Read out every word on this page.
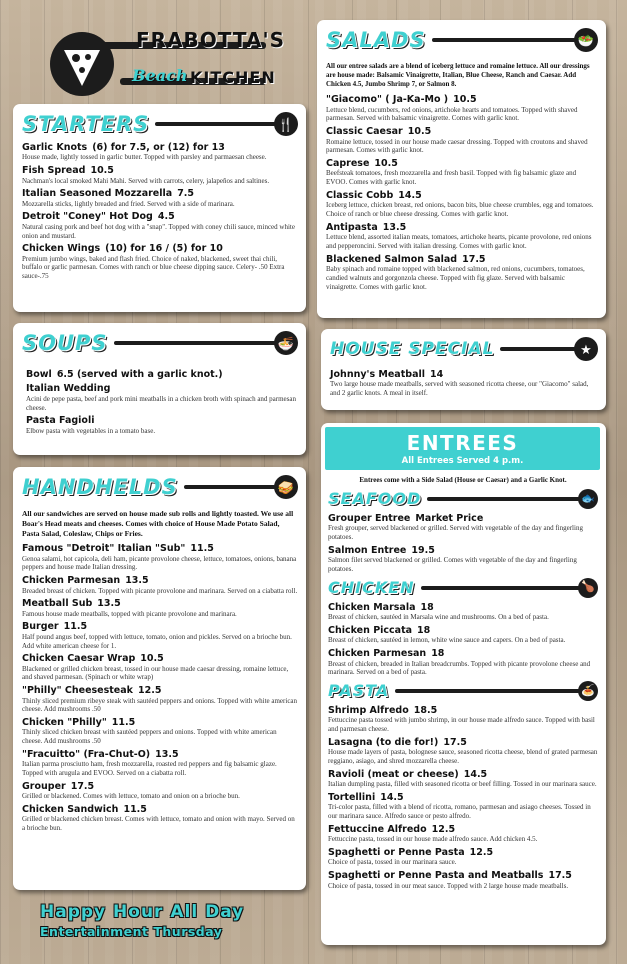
FRABOTTA'S
Beach KITCHEN
STARTERS	🍴
Garlic Knots (6) for 7.5, or (12) for 13
House made, lightly tossed in garlic butter. Topped with parsley and parmaesan cheese.
Fish Spread 10.5
Nachman's local smoked Mahi Mahi. Served with carrots, celery, jalapeños and saltines.
Italian Seasoned Mozzarella 7.5
Mozzarella sticks, lightly breaded and fried. Served with a side of marinara.
Detroit "Coney" Hot Dog 4.5
Natural casing pork and beef hot dog with a "snap". Topped with coney chili sauce, minced white onion and mustard.
Chicken Wings (10) for 16 / (5) for 10
Premium jumbo wings, baked and flash fried. Choice of naked, blackened, sweet thai chili, buffalo or garlic parmesan. Comes with ranch or blue cheese dipping sauce. Celery- .50 Extra sauce-.75
SOUPS	🍜
Bowl 6.5 (served with a garlic knot.)
Italian Wedding
Acini de pepe pasta, beef and pork mini meatballs in a chicken broth with spinach and parmesan cheese.
Pasta Fagioli
Elbow pasta with vegetables in a tomato base.
HANDHELDS	🥪
All our sandwiches are served on house made sub rolls and lightly toasted. We use all Boar's Head meats and cheeses. Comes with choice of House Made Potato Salad, Pasta Salad, Coleslaw, Chips or Fries.
Famous "Detroit" Italian "Sub" 11.5
Genoa salami, hot capicola, deli ham, picante provolone cheese, lettuce, tomatoes, onions, banana peppers and house made Italian dressing.
Chicken Parmesan 13.5
Breaded breast of chicken. Topped with picante provolone and marinara. Served on a ciabatta roll.
Meatball Sub 13.5
Famous house made meatballs, topped with picante provolone and marinara.
Burger 11.5
Half pound angus beef, topped with lettuce, tomato, onion and pickles. Served on a brioche bun. Add white american cheese for 1.
Chicken Caesar Wrap 10.5
Blackened or grilled chicken breast, tossed in our house made caesar dressing, romaine lettuce, and shaved parmesan. (Spinach or white wrap)
"Philly" Cheesesteak 12.5
Thinly sliced premium ribeye steak with sautéed peppers and onions. Topped with white american cheese. Add mushrooms .50
Chicken "Philly" 11.5
Thinly sliced chicken breast with sautéed peppers and onions. Topped with white american cheese. Add mushrooms .50
"Fracuitto" (Fra-Chut-O) 13.5
Italian parma prosciutto ham, fresh mozzarella, roasted red peppers and fig balsamic glaze. Topped with arugula and EVOO. Served on a ciabatta roll.
Grouper 17.5
Grilled or blackened. Comes with lettuce, tomato and onion on a brioche bun.
Chicken Sandwich 11.5
Grilled or blackened chicken breast. Comes with lettuce, tomato and onion with mayo. Served on a brioche bun.
Happy Hour All Day
Entertainment Thursday
SALADS	🥗
All our entree salads are a blend of iceberg lettuce and romaine lettuce. All our dressings are house made: Balsamic Vinaigrette, Italian, Blue Cheese, Ranch and Caesar. Add Chicken 4.5, Jumbo Shrimp 7, or Salmon 8.
"Giacomo" ( Ja-Ka-Mo ) 10.5
Lettuce blend, cucumbers, red onions, artichoke hearts and tomatoes. Topped with shaved parmesan. Served with balsamic vinaigrette. Comes with garlic knot.
Classic Caesar 10.5
Romaine lettuce, tossed in our house made caesar dressing. Topped with croutons and shaved parmesan. Comes with garlic knot.
Caprese 10.5
Beefsteak tomatoes, fresh mozzarella and fresh basil. Topped with fig balsamic glaze and EVOO. Comes with garlic knot.
Classic Cobb 14.5
Iceberg lettuce, chicken breast, red onions, bacon bits, blue cheese crumbles, egg and tomatoes. Choice of ranch or blue cheese dressing. Comes with garlic knot.
Antipasta 13.5
Lettuce blend, assorted italian meats, tomatoes, artichoke hearts, picante provolone, red onions and pepperoncini. Served with italian dressing. Comes with garlic knot.
Blackened Salmon Salad 17.5
Baby spinach and romaine topped with blackened salmon, red onions, cucumbers, tomatoes, candied walnuts and gorgonzola cheese. Topped with fig glaze. Served with balsamic vinaigrette. Comes with garlic knot.
HOUSE SPECIAL	★
Johnny's Meatball 14
Two large house made meatballs, served with seasoned ricotta cheese, our "Giacomo" salad, and 2 garlic knots. A meal in itself.
ENTREES
All Entrees Served 4 p.m.
Entrees come with a Side Salad (House or Caesar) and a Garlic Knot.
SEAFOOD	🐟
Grouper Entree Market Price
Fresh grouper, served blackened or grilled. Served with vegetable of the day and fingerling potatoes.
Salmon Entree 19.5
Salmon filet served blackened or grilled. Comes with vegetable of the day and fingerling potatoes.
CHICKEN	🍗
Chicken Marsala 18
Breast of chicken, sautéed in Marsala wine and mushrooms. On a bed of pasta.
Chicken Piccata 18
Breast of chicken, sautéed in lemon, white wine sauce and capers. On a bed of pasta.
Chicken Parmesan 18
Breast of chicken, breaded in Italian breadcrumbs. Topped with picante provolone cheese and marinara. Served on a bed of pasta.
PASTA	🍝
Shrimp Alfredo 18.5
Fettuccine pasta tossed with jumbo shrimp, in our house made alfredo sauce. Topped with basil and parmesan cheese.
Lasagna (to die for!) 17.5
House made layers of pasta, bolognese sauce, seasoned ricotta cheese, blend of grated parmesan reggiano, asiago, and shred mozzarella cheese.
Ravioli (meat or cheese) 14.5
Italian dumpling pasta, filled with seasoned ricotta or beef filling. Tossed in our marinara sauce.
Tortellini 14.5
Tri-color pasta, filled with a blend of ricotta, romano, parmesan and asiago cheeses. Tossed in our marinara sauce. Alfredo sauce or pesto alfredo.
Fettuccine Alfredo 12.5
Fettuccine pasta, tossed in our house made alfredo sauce. Add chicken 4.5.
Spaghetti or Penne Pasta 12.5
Choice of pasta, tossed in our marinara sauce.
Spaghetti or Penne Pasta and Meatballs 17.5
Choice of pasta, tossed in our meat sauce. Topped with 2 large house made meatballs.
